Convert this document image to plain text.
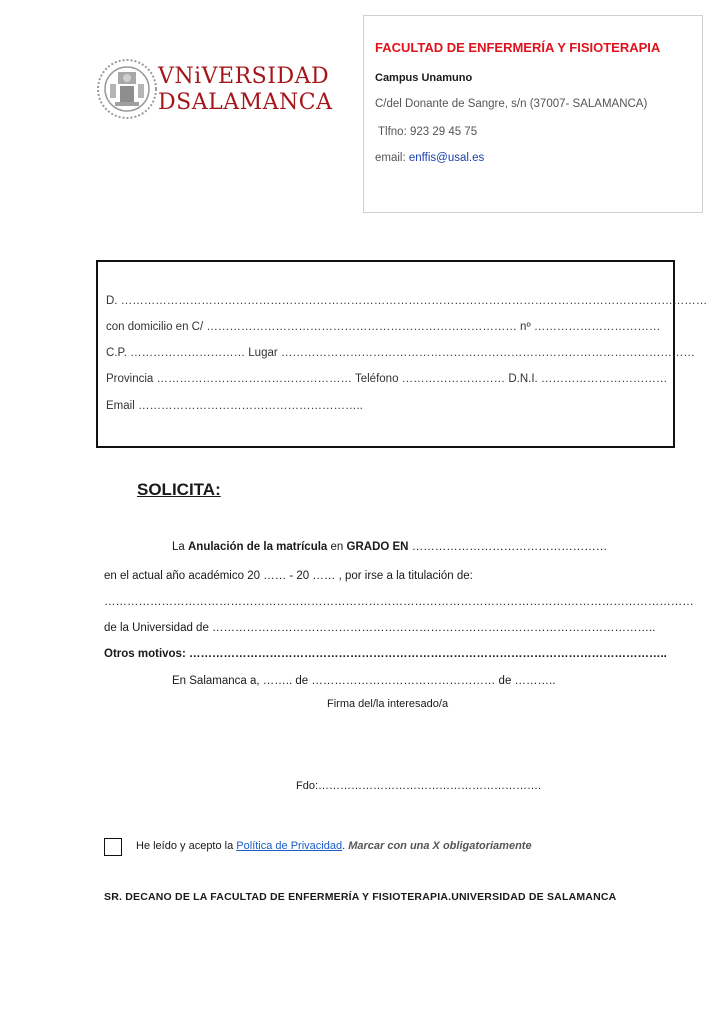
VNiVERSIDAD
DSALAMANCA
FACULTAD DE ENFERMERÍA Y FISIOTERAPIA
Campus Unamuno
C/del Donante de Sangre, s/n (37007- SALAMANCA)
Tlfno: 923 29 45 75
email: enffis@usal.es
D. ………………………………………………………………………………………………………………………………………
con domicilio en C/ ……………………………………………………………………… nº ……………………………
C.P. ………………………… Lugar ………………………………………………………………………………………………
Provincia …………………………………………… Teléfono ……………………… D.N.I. ……………………………
Email …………………………………………………..
SOLICITA:
La Anulación de la matrícula en GRADO EN ……………………………………………
en el actual año académico 20 …… - 20 …… , por irse a la titulación de:
………………………………………………………………………………………………………….……………………………
de la Universidad de ……………………………………………………………………………………………………..
Otros motivos: ……………………………………………………………………………………………………………..
En Salamanca a, …….. de ………………………………………… de ………..
Firma del/la interesado/a
Fdo:…………………………………………………….
He leído y acepto la Política de Privacidad. Marcar con una X obligatoriamente
SR. DECANO DE LA FACULTAD DE ENFERMERÍA Y FISIOTERAPIA.UNIVERSIDAD DE SALAMANCA
